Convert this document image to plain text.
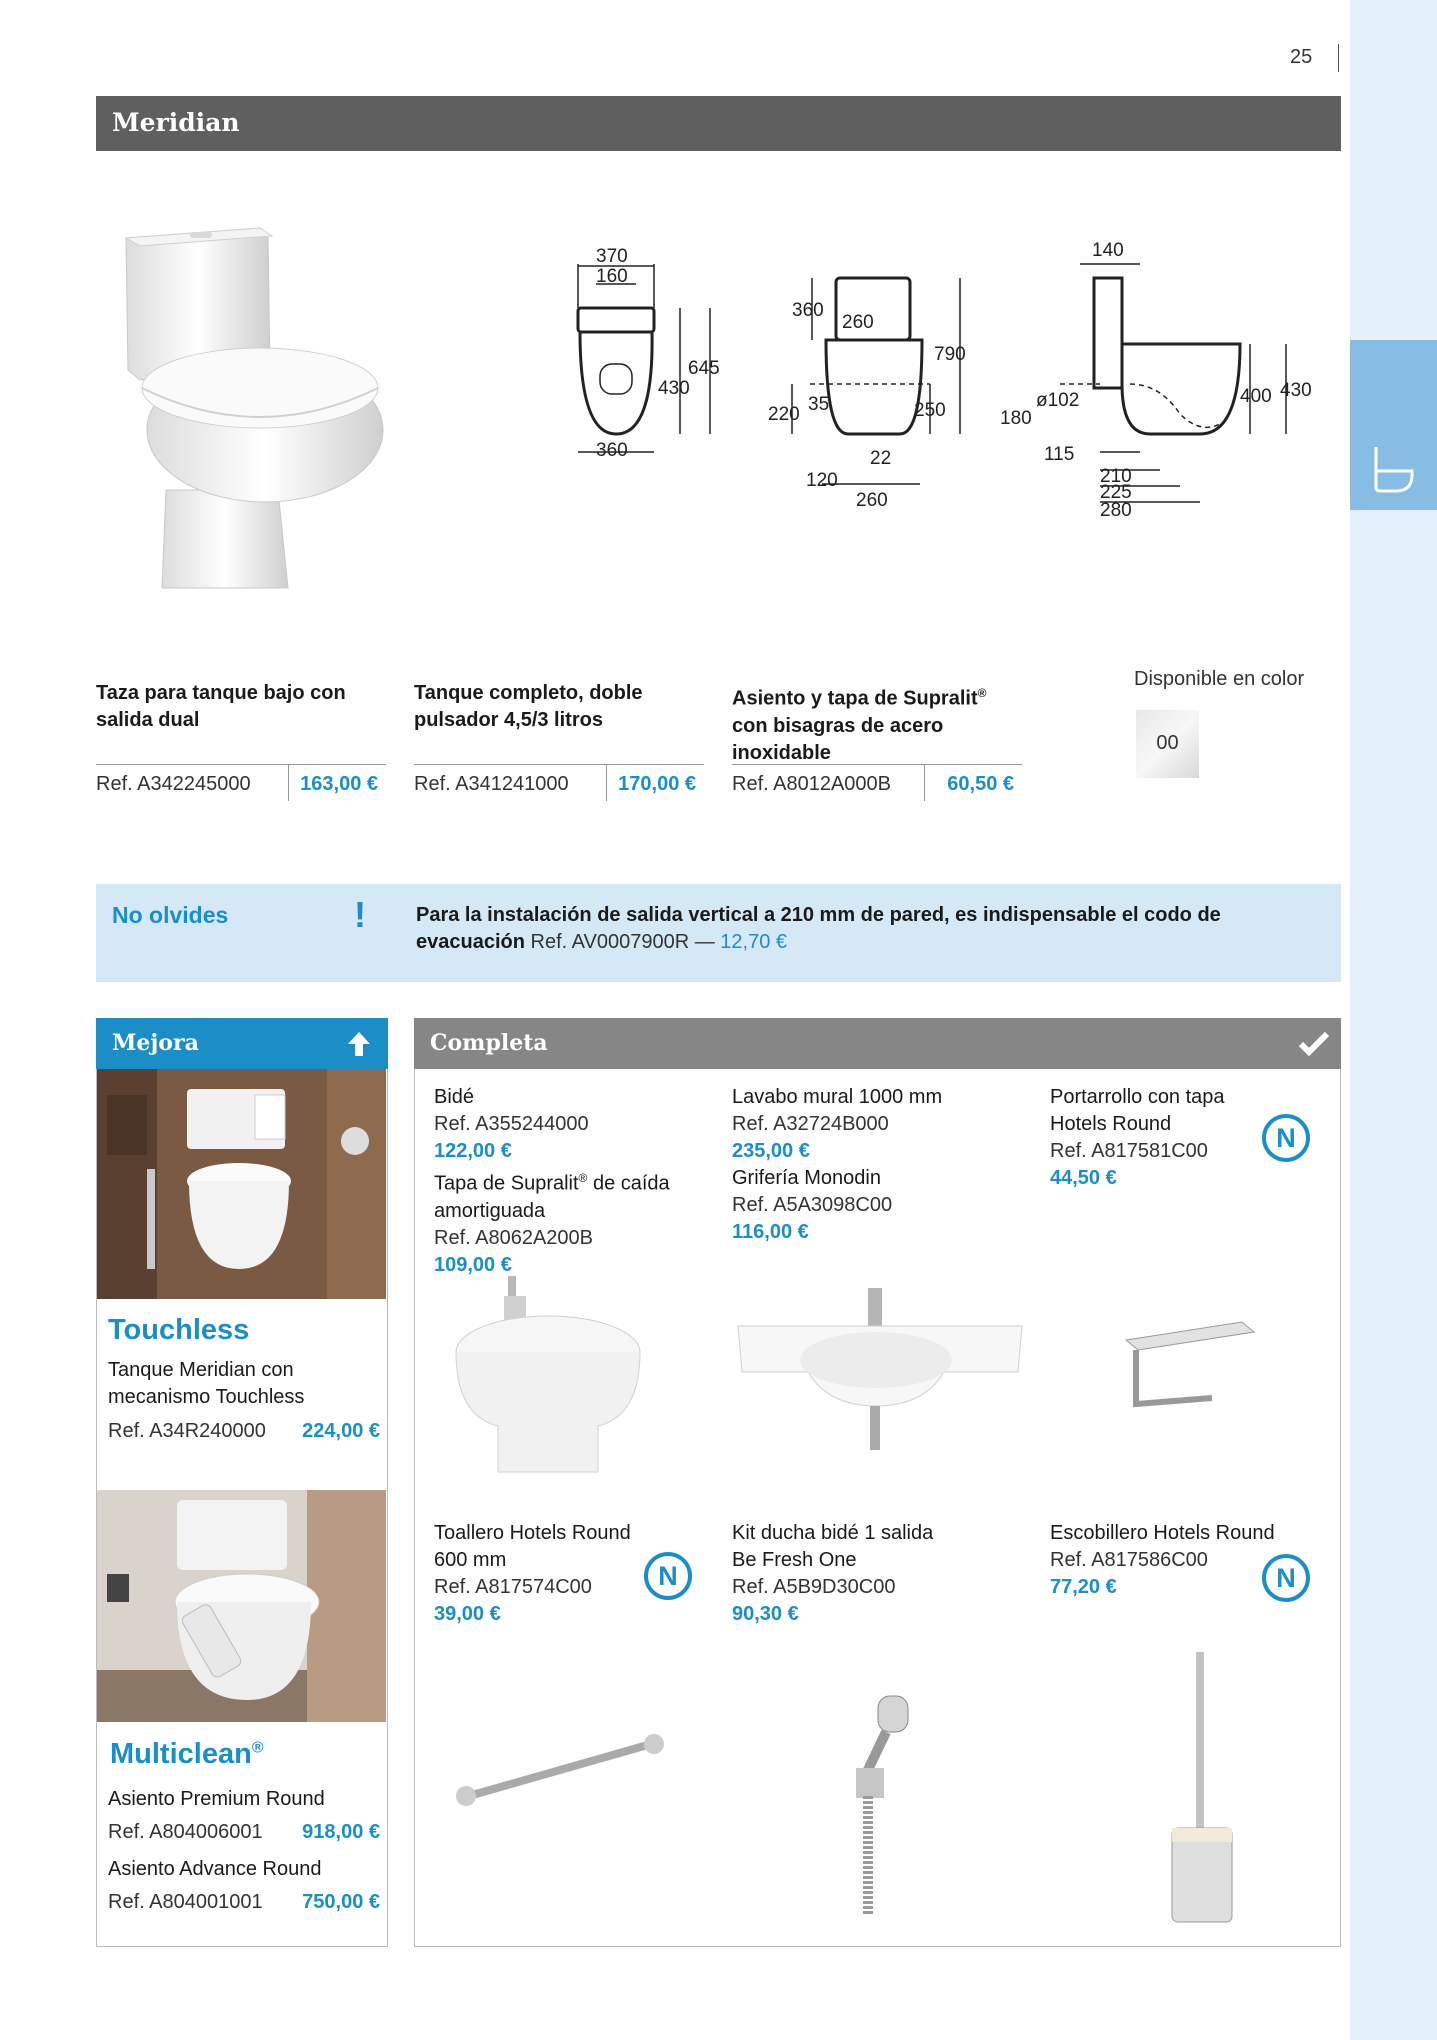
25
Meridian
370
160
430
645
360
360
260
790
220 35	250
22
120
260
140
ø102
180
400 430
115
210
225
280
Taza para tanque bajo con
salida dual
Ref. A342245000 163,00 €
Tanque completo, doble
pulsador 4,5/3 litros
Ref. A341241000 170,00 €
Asiento y tapa de Supralit®
con bisagras de acero
inoxidable
Ref. A8012A000B	60,50 €
Disponible en color
00
No olvides	!	Para la instalación de salida vertical a 210 mm de pared, es indispensable el codo de evacuación Ref. AV0007900R — 12,70 €
Mejora
Touchless
Tanque Meridian con
mecanismo Touchless
Ref. A34R240000 224,00 €
Multiclean®
Asiento Premium Round
Ref. A804006001 918,00 €
Asiento Advance Round
Ref. A804001001 750,00 €
Completa
Bidé
Ref. A355244000
122,00 €
Tapa de Supralit® de caída
amortiguada
Ref. A8062A200B
109,00 €
Lavabo mural 1000 mm
Ref. A32724B000
235,00 €
Grifería Monodin
Ref. A5A3098C00
116,00 €
Portarrollo con tapa
Hotels Round
Ref. A817581C00
44,50 €
N
Toallero Hotels Round
600 mm
Ref. A817574C00
39,00 €
N
Kit ducha bidé 1 salida
Be Fresh One
Ref. A5B9D30C00
90,30 €
Escobillero Hotels Round
Ref. A817586C00
77,20 €	N
